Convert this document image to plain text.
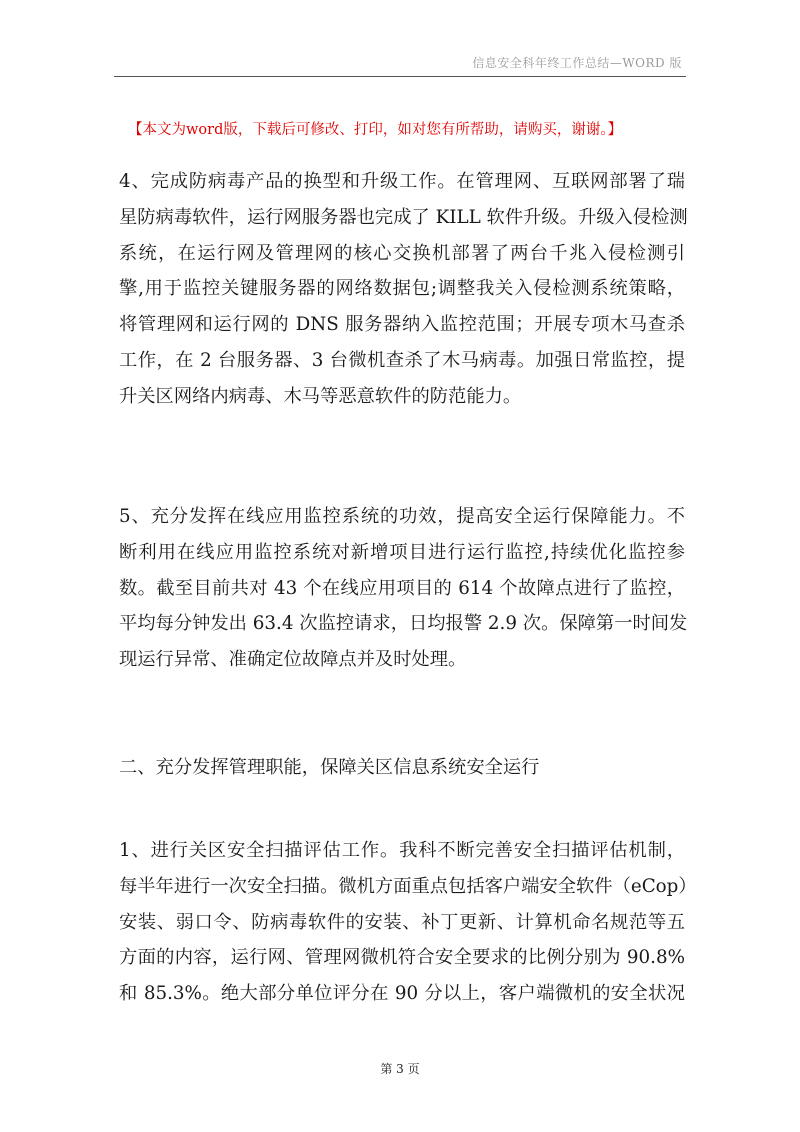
信息安全科年终工作总结—WORD 版
【本文为word版，下载后可修改、打印，如对您有所帮助，请购买，谢谢。】

4、完成防病毒产品的换型和升级工作。在管理网、互联网部署了瑞

星防病毒软件，运行网服务器也完成了 KILL 软件升级。升级入侵检测

系统，在运行网及管理网的核心交换机部署了两台千兆入侵检测引

擎,用于监控关键服务器的网络数据包;调整我关入侵检测系统策略，

将管理网和运行网的 DNS 服务器纳入监控范围；开展专项木马查杀

工作，在 2 台服务器、3 台微机查杀了木马病毒。加强日常监控，提

升关区网络内病毒、木马等恶意软件的防范能力。

5、充分发挥在线应用监控系统的功效，提高安全运行保障能力。不

断利用在线应用监控系统对新增项目进行运行监控,持续优化监控参

数。截至目前共对 43 个在线应用项目的 614 个故障点进行了监控，

平均每分钟发出 63.4 次监控请求，日均报警 2.9 次。保障第一时间发

现运行异常、准确定位故障点并及时处理。

二、充分发挥管理职能，保障关区信息系统安全运行

1、进行关区安全扫描评估工作。我科不断完善安全扫描评估机制，

每半年进行一次安全扫描。微机方面重点包括客户端安全软件（eCop）

安装、弱口令、防病毒软件的安装、补丁更新、计算机命名规范等五

方面的内容，运行网、管理网微机符合安全要求的比例分别为 90.8%

和 85.3%。绝大部分单位评分在 90 分以上，客户端微机的安全状况

第 3 页
